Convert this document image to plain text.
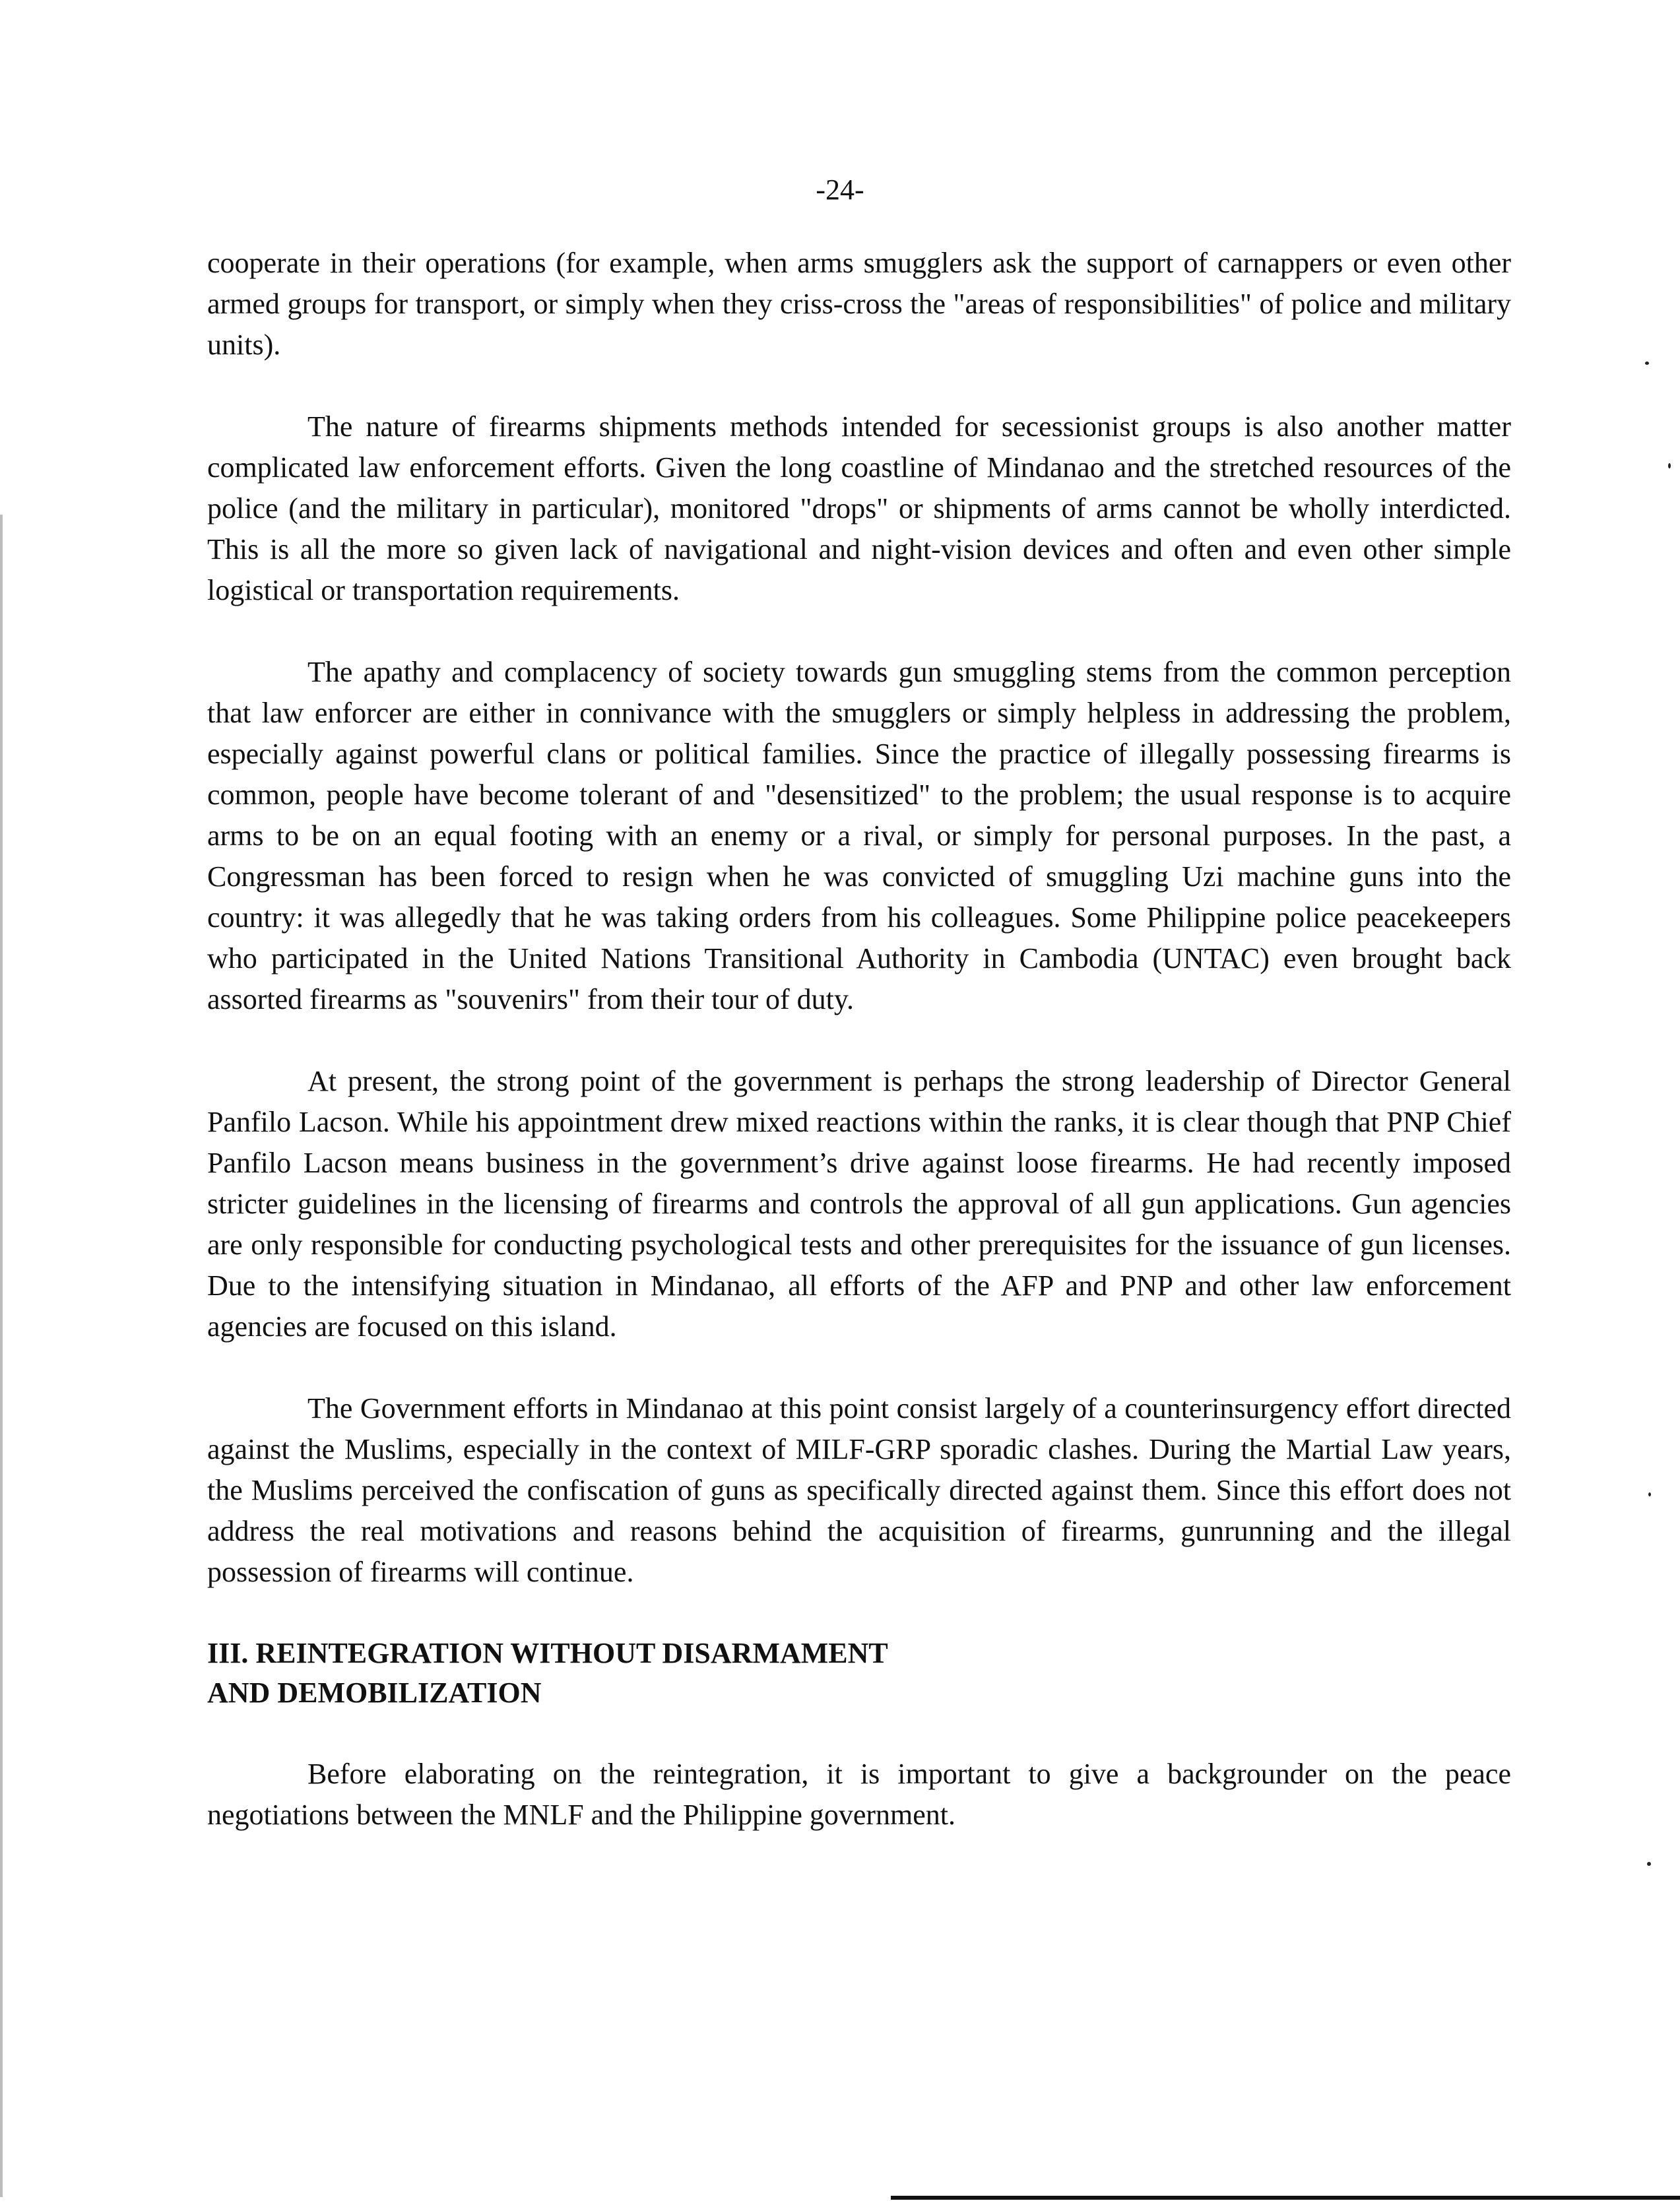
-24-

cooperate in their operations (for example, when arms smugglers ask the support of carnappers or even other armed groups for transport, or simply when they criss-cross the "areas of responsibilities" of police and military units).

The nature of firearms shipments methods intended for secessionist groups is also another matter complicated law enforcement efforts. Given the long coastline of Mindanao and the stretched resources of the police (and the military in particular), monitored "drops" or shipments of arms cannot be wholly interdicted. This is all the more so given lack of navigational and night-vision devices and often and even other simple logistical or transportation requirements.

The apathy and complacency of society towards gun smuggling stems from the common perception that law enforcer are either in connivance with the smugglers or simply helpless in addressing the problem, especially against powerful clans or political families. Since the practice of illegally possessing firearms is common, people have become tolerant of and "desensitized" to the problem; the usual response is to acquire arms to be on an equal footing with an enemy or a rival, or simply for personal purposes. In the past, a Congressman has been forced to resign when he was convicted of smuggling Uzi machine guns into the country: it was allegedly that he was taking orders from his colleagues. Some Philippine police peacekeepers who participated in the United Nations Transitional Authority in Cambodia (UNTAC) even brought back assorted firearms as "souvenirs" from their tour of duty.

At present, the strong point of the government is perhaps the strong leadership of Director General Panfilo Lacson. While his appointment drew mixed reactions within the ranks, it is clear though that PNP Chief Panfilo Lacson means business in the government’s drive against loose firearms. He had recently imposed stricter guidelines in the licensing of firearms and controls the approval of all gun applications. Gun agencies are only responsible for conducting psychological tests and other prerequisites for the issuance of gun licenses. Due to the intensifying situation in Mindanao, all efforts of the AFP and PNP and other law enforcement agencies are focused on this island.

The Government efforts in Mindanao at this point consist largely of a counterinsurgency effort directed against the Muslims, especially in the context of MILF-GRP sporadic clashes. During the Martial Law years, the Muslims perceived the confiscation of guns as specifically directed against them. Since this effort does not address the real motivations and reasons behind the acquisition of firearms, gunrunning and the illegal possession of firearms will continue.

III. REINTEGRATION WITHOUT DISARMAMENT
AND DEMOBILIZATION

Before elaborating on the reintegration, it is important to give a backgrounder on the peace negotiations between the MNLF and the Philippine government.
